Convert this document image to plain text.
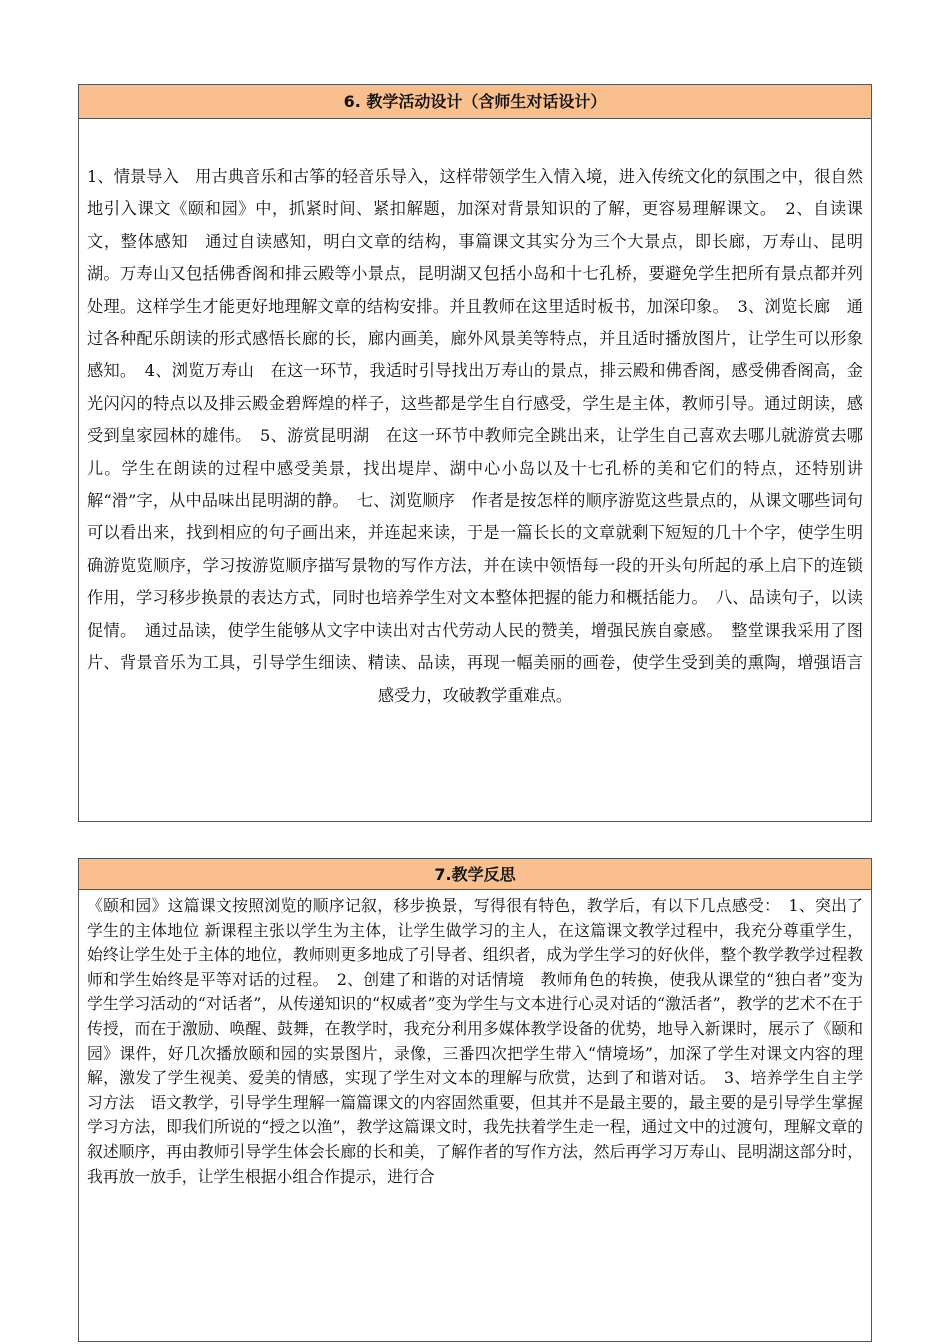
6. 教学活动设计（含师生对话设计）
1、情景导入　用古典音乐和古筝的轻音乐导入，这样带领学生入情入境，进入传统文化的氛围之中，很自然地引入课文《颐和园》中，抓紧时间、紧扣解题，加深对背景知识的了解，更容易理解课文。　2、自读课文，整体感知　通过自读感知，明白文章的结构，事篇课文其实分为三个大景点，即长廊，万寿山、昆明湖。万寿山又包括佛香阁和排云殿等小景点，昆明湖又包括小岛和十七孔桥，要避免学生把所有景点都并列处理。这样学生才能更好地理解文章的结构安排。并且教师在这里适时板书，加深印象。　3、浏览长廊　通过各种配乐朗读的形式感悟长廊的长，廊内画美，廊外风景美等特点，并且适时播放图片，让学生可以形象感知。　4、浏览万寿山　在这一环节，我适时引导找出万寿山的景点，排云殿和佛香阁，感受佛香阁高，金光闪闪的特点以及排云殿金碧辉煌的样子，这些都是学生自行感受，学生是主体，教师引导。通过朗读，感受到皇家园林的雄伟。　5、游赏昆明湖　在这一环节中教师完全跳出来，让学生自己喜欢去哪儿就游赏去哪儿。学生在朗读的过程中感受美景，找出堤岸、湖中心小岛以及十七孔桥的美和它们的特点，还特别讲解“滑”字，从中品味出昆明湖的静。　七、浏览顺序　作者是按怎样的顺序游览这些景点的，从课文哪些词句可以看出来，找到相应的句子画出来，并连起来读，于是一篇长长的文章就剩下短短的几十个字，使学生明确游览览顺序，学习按游览顺序描写景物的写作方法，并在读中领悟每一段的开头句所起的承上启下的连锁作用，学习移步换景的表达方式，同时也培养学生对文本整体把握的能力和概括能力。　八、品读句子，以读促情。　通过品读，使学生能够从文字中读出对古代劳动人民的赞美，增强民族自豪感。　整堂课我采用了图片、背景音乐为工具，引导学生细读、精读、品读，再现一幅美丽的画卷，使学生受到美的熏陶，增强语言感受力，攻破教学重难点。
7.教学反思
《颐和园》这篇课文按照浏览的顺序记叙，移步换景，写得很有特色，教学后，有以下几点感受：　1、突出了学生的主体地位 新课程主张以学生为主体，让学生做学习的主人，在这篇课文教学过程中，我充分尊重学生，始终让学生处于主体的地位，教师则更多地成了引导者、组织者，成为学生学习的好伙伴，整个教学教学过程教师和学生始终是平等对话的过程。　2、创建了和谐的对话情境　教师角色的转换，使我从课堂的“独白者”变为学生学习活动的“对话者”，从传递知识的“权威者”变为学生与文本进行心灵对话的“激活者”，教学的艺术不在于传授，而在于激励、唤醒、鼓舞，在教学时，我充分利用多媒体教学设备的优势，地导入新课时，展示了《颐和园》课件，好几次播放颐和园的实景图片，录像，三番四次把学生带入“情境场”，加深了学生对课文内容的理解，激发了学生视美、爱美的情感，实现了学生对文本的理解与欣赏，达到了和谐对话。　3、培养学生自主学习方法　语文教学，引导学生理解一篇篇课文的内容固然重要，但其并不是最主要的，最主要的是引导学生掌握学习方法，即我们所说的“授之以渔”，教学这篇课文时，我先扶着学生走一程，通过文中的过渡句，理解文章的叙述顺序，再由教师引导学生体会长廊的长和美，了解作者的写作方法，然后再学习万寿山、昆明湖这部分时，我再放一放手，让学生根据小组合作提示，进行合
